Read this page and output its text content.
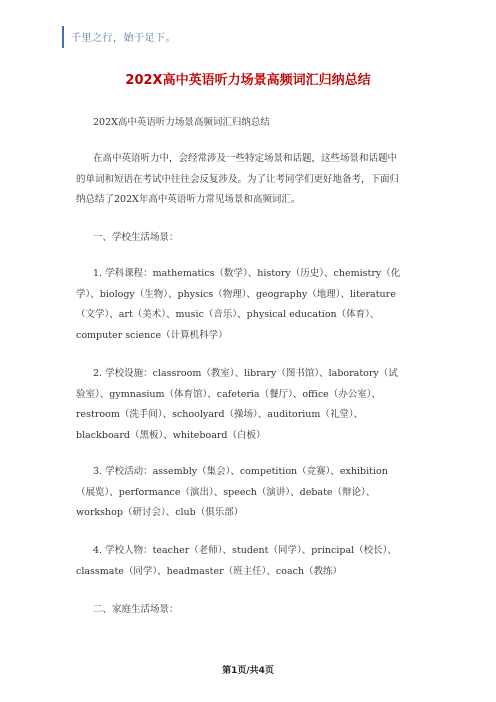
千里之行，始于足下。
202X高中英语听力场景高频词汇归纳总结
202X高中英语听力场景高频词汇归纳总结
在高中英语听力中，会经常涉及一些特定场景和话题，这些场景和话题中
的单词和短语在考试中往往会反复涉及。为了让考同学们更好地备考，下面归
纳总结了202X年高中英语听力常见场景和高频词汇。
一、学校生活场景：
1. 学科课程：mathematics（数学）、history（历史）、chemistry（化
学）、biology（生物）、physics（物理）、geography（地理）、literature
（文学）、art（美术）、music（音乐）、physical education（体育）、
computer science（计算机科学）
2. 学校设施：classroom（教室）、library（图书馆）、laboratory（试
验室）、gymnasium（体育馆）、cafeteria（餐厅）、office（办公室）、
restroom（洗手间）、schoolyard（操场）、auditorium（礼堂）、
blackboard（黑板）、whiteboard（白板）
3. 学校活动：assembly（集会）、competition（竞赛）、exhibition
（展览）、performance（演出）、speech（演讲）、debate（辩论）、
workshop（研讨会）、club（俱乐部）
4. 学校人物：teacher（老师）、student（同学）、principal（校长）、
classmate（同学）、headmaster（班主任）、coach（教练）
二、家庭生活场景：
第1页/共4页
